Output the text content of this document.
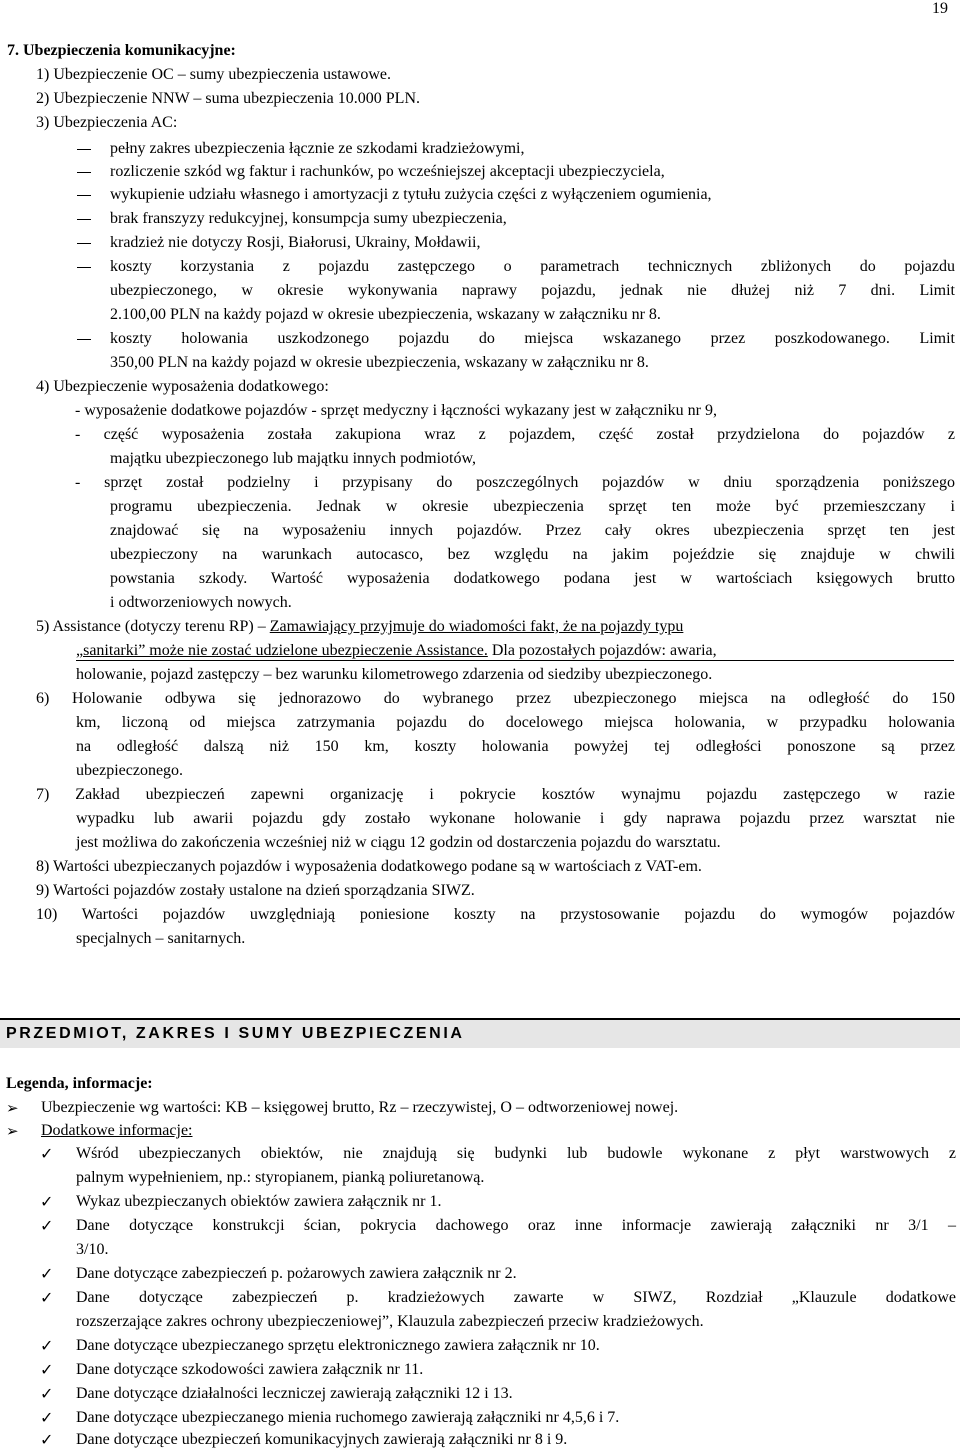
19
7. Ubezpieczenia komunikacyjne:
1) Ubezpieczenie OC – sumy ubezpieczenia ustawowe.
2) Ubezpieczenie NNW – suma ubezpieczenia 10.000 PLN.
3) Ubezpieczenia AC:
pełny zakres ubezpieczenia łącznie ze szkodami kradzieżowymi,
rozliczenie szkód wg faktur i rachunków, po wcześniejszej akceptacji ubezpieczyciela,
wykupienie udziału własnego i amortyzacji z tytułu zużycia części z wyłączeniem ogumienia,
brak franszyzy redukcyjnej, konsumpcja sumy ubezpieczenia,
kradzież nie dotyczy Rosji, Białorusi, Ukrainy, Mołdawii,
koszty korzystania z pojazdu zastępczego o parametrach technicznych zbliżonych do pojazdu
ubezpieczonego, w okresie wykonywania naprawy pojazdu, jednak nie dłużej niż 7 dni. Limit
2.100,00 PLN na każdy pojazd w okresie ubezpieczenia, wskazany w załączniku nr 8.
koszty holowania uszkodzonego pojazdu do miejsca wskazanego przez poszkodowanego. Limit
350,00 PLN na każdy pojazd w okresie ubezpieczenia, wskazany w załączniku nr 8.
4) Ubezpieczenie wyposażenia dodatkowego:
- wyposażenie dodatkowe pojazdów - sprzęt medyczny i łączności wykazany jest w załączniku nr 9,
- część wyposażenia została zakupiona wraz z pojazdem, część został przydzielona do pojazdów z
majątku ubezpieczonego lub majątku innych podmiotów,
- sprzęt został podzielny i przypisany do poszczególnych pojazdów w dniu sporządzenia poniższego
programu ubezpieczenia. Jednak w okresie ubezpieczenia sprzęt ten może być przemieszczany i
znajdować się na wyposażeniu innych pojazdów. Przez cały okres ubezpieczenia sprzęt ten jest
ubezpieczony na warunkach autocasco, bez względu na jakim pojeździe się znajduje w chwili
powstania szkody. Wartość wyposażenia dodatkowego podana jest w wartościach księgowych brutto
i odtworzeniowych nowych.
5) Assistance (dotyczy terenu RP) – Zamawiający przyjmuje do wiadomości fakt, że na pojazdy typu
„sanitarki” może nie zostać udzielone ubezpieczenie Assistance. Dla pozostałych pojazdów: awaria,
holowanie, pojazd zastępczy – bez warunku kilometrowego zdarzenia od siedziby ubezpieczonego.
6) Holowanie odbywa się jednorazowo do wybranego przez ubezpieczonego miejsca na odległość do 150
km, liczoną od miejsca zatrzymania pojazdu do docelowego miejsca holowania, w przypadku holowania
na odległość dalszą niż 150 km, koszty holowania powyżej tej odległości ponoszone są przez
ubezpieczonego.
7) Zakład ubezpieczeń zapewni organizację i pokrycie kosztów wynajmu pojazdu zastępczego w razie
wypadku lub awarii pojazdu gdy zostało wykonane holowanie i gdy naprawa pojazdu przez warsztat nie
jest możliwa do zakończenia wcześniej niż w ciągu 12 godzin od dostarczenia pojazdu do warsztatu.
8) Wartości ubezpieczanych pojazdów i wyposażenia dodatkowego podane są w wartościach z VAT-em.
9) Wartości pojazdów zostały ustalone na dzień sporządzania SIWZ.
10) Wartości pojazdów uwzględniają poniesione koszty na przystosowanie pojazdu do wymogów pojazdów
specjalnych – sanitarnych.
PRZEDMIOT, ZAKRES I SUMY UBEZPIECZENIA
Legenda, informacje:
➢ Ubezpieczenie wg wartości: KB – księgowej brutto, Rz – rzeczywistej, O – odtworzeniowej nowej.
➢ Dodatkowe informacje:
✓ Wśród ubezpieczanych obiektów, nie znajdują się budynki lub budowle wykonane z płyt warstwowych z
palnym wypełnieniem, np.: styropianem, pianką poliuretanową.
✓ Wykaz ubezpieczanych obiektów zawiera załącznik nr 1.
✓ Dane dotyczące konstrukcji ścian, pokrycia dachowego oraz inne informacje zawierają załączniki nr 3/1 –
3/10.
✓ Dane dotyczące zabezpieczeń p. pożarowych zawiera załącznik nr 2.
✓ Dane dotyczące zabezpieczeń p. kradzieżowych zawarte w SIWZ, Rozdział „Klauzule dodatkowe
rozszerzające zakres ochrony ubezpieczeniowej”, Klauzula zabezpieczeń przeciw kradzieżowych.
✓ Dane dotyczące ubezpieczanego sprzętu elektronicznego zawiera załącznik nr 10.
✓ Dane dotyczące szkodowości zawiera załącznik nr 11.
✓ Dane dotyczące działalności leczniczej zawierają załączniki 12 i 13.
✓ Dane dotyczące ubezpieczanego mienia ruchomego zawierają załączniki nr 4,5,6 i 7.
✓ Dane dotyczące ubezpieczeń komunikacyjnych zawierają załączniki nr 8 i 9.
